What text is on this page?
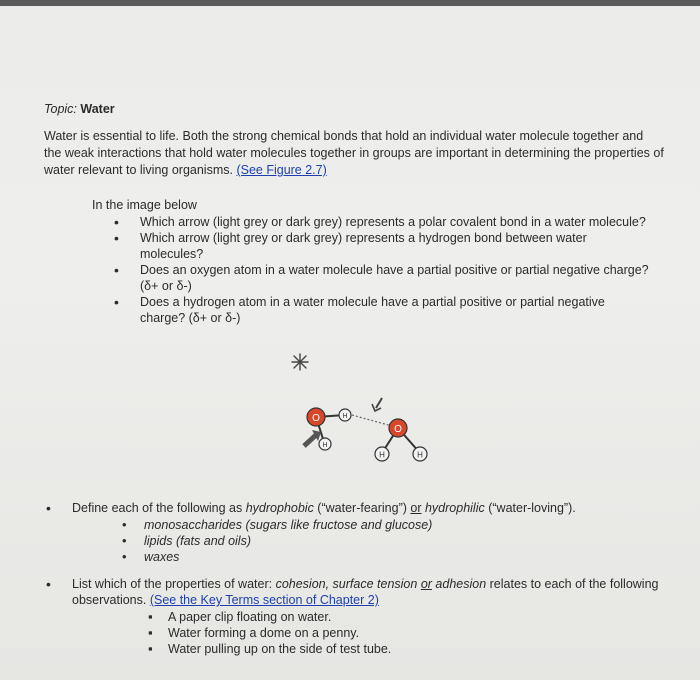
Topic: Water
Water is essential to life. Both the strong chemical bonds that hold an individual water molecule together and the weak interactions that hold water molecules together in groups are important in determining the properties of water relevant to living organisms. (See Figure 2.7)
In the image below
• Which arrow (light grey or dark grey) represents a polar covalent bond in a water molecule?
• Which arrow (light grey or dark grey) represents a hydrogen bond between water molecules?
• Does an oxygen atom in a water molecule have a partial positive or partial negative charge? (δ+ or δ-)
• Does a hydrogen atom in a water molecule have a partial positive or partial negative charge? (δ+ or δ-)
O	H
H
O
H	H
•	Define each of the following as hydrophobic (“water-fearing”) or hydrophilic (“water-loving”).
• monosaccharides (sugars like fructose and glucose)
• lipids (fats and oils)
• waxes
•	List which of the properties of water: cohesion, surface tension or adhesion relates to each of the following observations. (See the Key Terms section of Chapter 2)
▪ A paper clip floating on water.
▪ Water forming a dome on a penny.
▪ Water pulling up on the side of test tube.
